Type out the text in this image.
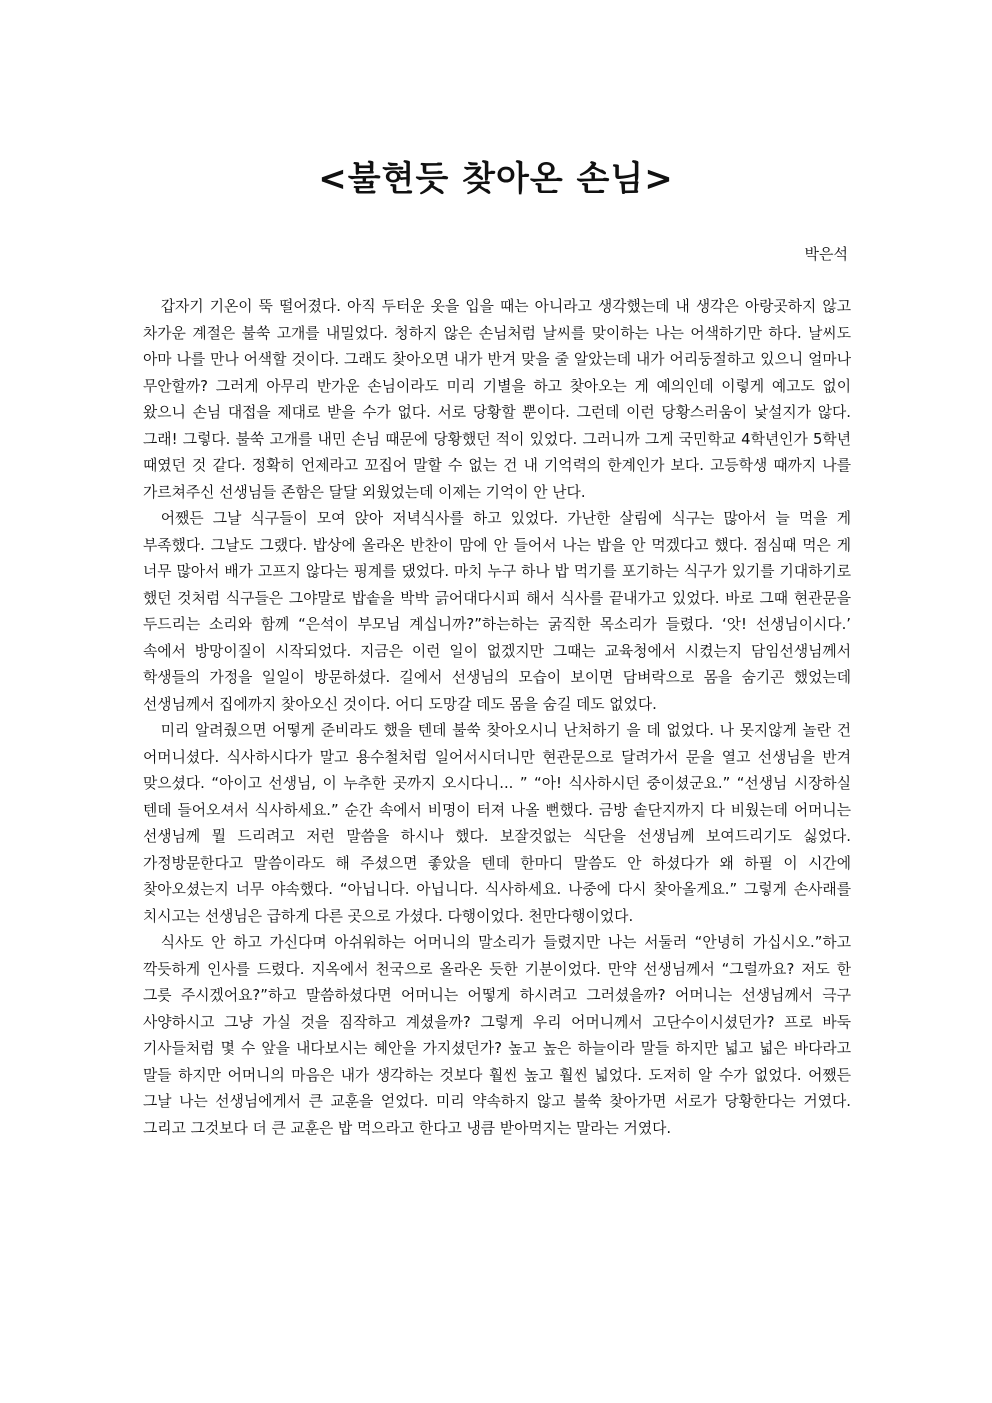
<불현듯 찾아온 손님>
박은석

갑자기 기온이 뚝 떨어졌다. 아직 두터운 옷을 입을 때는 아니라고 생각했는데 내 생각은 아랑곳하지 않고 차가운 계절은 불쑥 고개를 내밀었다. 청하지 않은 손님처럼 날씨를 맞이하는 나는 어색하기만 하다. 날씨도 아마 나를 만나 어색할 것이다. 그래도 찾아오면 내가 반겨 맞을 줄 알았는데 내가 어리둥절하고 있으니 얼마나 무안할까? 그러게 아무리 반가운 손님이라도 미리 기별을 하고 찾아오는 게 예의인데 이렇게 예고도 없이 왔으니 손님 대접을 제대로 받을 수가 없다. 서로 당황할 뿐이다. 그런데 이런 당황스러움이 낯설지가 않다. 그래! 그렇다. 불쑥 고개를 내민 손님 때문에 당황했던 적이 있었다. 그러니까 그게 국민학교 4학년인가 5학년 때였던 것 같다. 정확히 언제라고 꼬집어 말할 수 없는 건 내 기억력의 한계인가 보다. 고등학생 때까지 나를 가르쳐주신 선생님들 존함은 달달 외웠었는데 이제는 기억이 안 난다.

어쨌든 그날 식구들이 모여 앉아 저녁식사를 하고 있었다. 가난한 살림에 식구는 많아서 늘 먹을 게 부족했다. 그날도 그랬다. 밥상에 올라온 반찬이 맘에 안 들어서 나는 밥을 안 먹겠다고 했다. 점심때 먹은 게 너무 많아서 배가 고프지 않다는 핑계를 댔었다. 마치 누구 하나 밥 먹기를 포기하는 식구가 있기를 기대하기로 했던 것처럼 식구들은 그야말로 밥솥을 박박 긁어대다시피 해서 식사를 끝내가고 있었다. 바로 그때 현관문을 두드리는 소리와 함께 “은석이 부모님 계십니까?”하는하는 굵직한 목소리가 들렸다. ‘앗! 선생님이시다.’ 속에서 방망이질이 시작되었다. 지금은 이런 일이 없겠지만 그때는 교육청에서 시켰는지 담임선생님께서 학생들의 가정을 일일이 방문하셨다. 길에서 선생님의 모습이 보이면 담벼락으로 몸을 숨기곤 했었는데 선생님께서 집에까지 찾아오신 것이다. 어디 도망갈 데도 몸을 숨길 데도 없었다.

미리 알려줬으면 어떻게 준비라도 했을 텐데 불쑥 찾아오시니 난처하기 을 데 없었다. 나 못지않게 놀란 건 어머니셨다. 식사하시다가 말고 용수철처럼 일어서시더니만 현관문으로 달려가서 문을 열고 선생님을 반겨 맞으셨다. “아이고 선생님, 이 누추한 곳까지 오시다니... ” “아! 식사하시던 중이셨군요.” “선생님 시장하실 텐데 들어오셔서 식사하세요.” 순간 속에서 비명이 터져 나올 뻔했다. 금방 솥단지까지 다 비웠는데 어머니는 선생님께 뭘 드리려고 저런 말씀을 하시나 했다. 보잘것없는 식단을 선생님께 보여드리기도 싫었다. 가정방문한다고 말씀이라도 해 주셨으면 좋았을 텐데 한마디 말씀도 안 하셨다가 왜 하필 이 시간에 찾아오셨는지 너무 야속했다. “아닙니다. 아닙니다. 식사하세요. 나중에 다시 찾아올게요.” 그렇게 손사래를 치시고는 선생님은 급하게 다른 곳으로 가셨다. 다행이었다. 천만다행이었다.

식사도 안 하고 가신다며 아쉬워하는 어머니의 말소리가 들렸지만 나는 서둘러 “안녕히 가십시오.”하고 깍듯하게 인사를 드렸다. 지옥에서 천국으로 올라온 듯한 기분이었다. 만약 선생님께서 “그럴까요? 저도 한 그릇 주시겠어요?”하고 말씀하셨다면 어머니는 어떻게 하시려고 그러셨을까? 어머니는 선생님께서 극구 사양하시고 그냥 가실 것을 짐작하고 계셨을까? 그렇게 우리 어머니께서 고단수이시셨던가? 프로 바둑 기사들처럼 몇 수 앞을 내다보시는 혜안을 가지셨던가? 높고 높은 하늘이라 말들 하지만 넓고 넓은 바다라고 말들 하지만 어머니의 마음은 내가 생각하는 것보다 훨씬 높고 훨씬 넓었다. 도저히 알 수가 없었다. 어쨌든 그날 나는 선생님에게서 큰 교훈을 얻었다. 미리 약속하지 않고 불쑥 찾아가면 서로가 당황한다는 거였다. 그리고 그것보다 더 큰 교훈은 밥 먹으라고 한다고 냉큼 받아먹지는 말라는 거였다.
